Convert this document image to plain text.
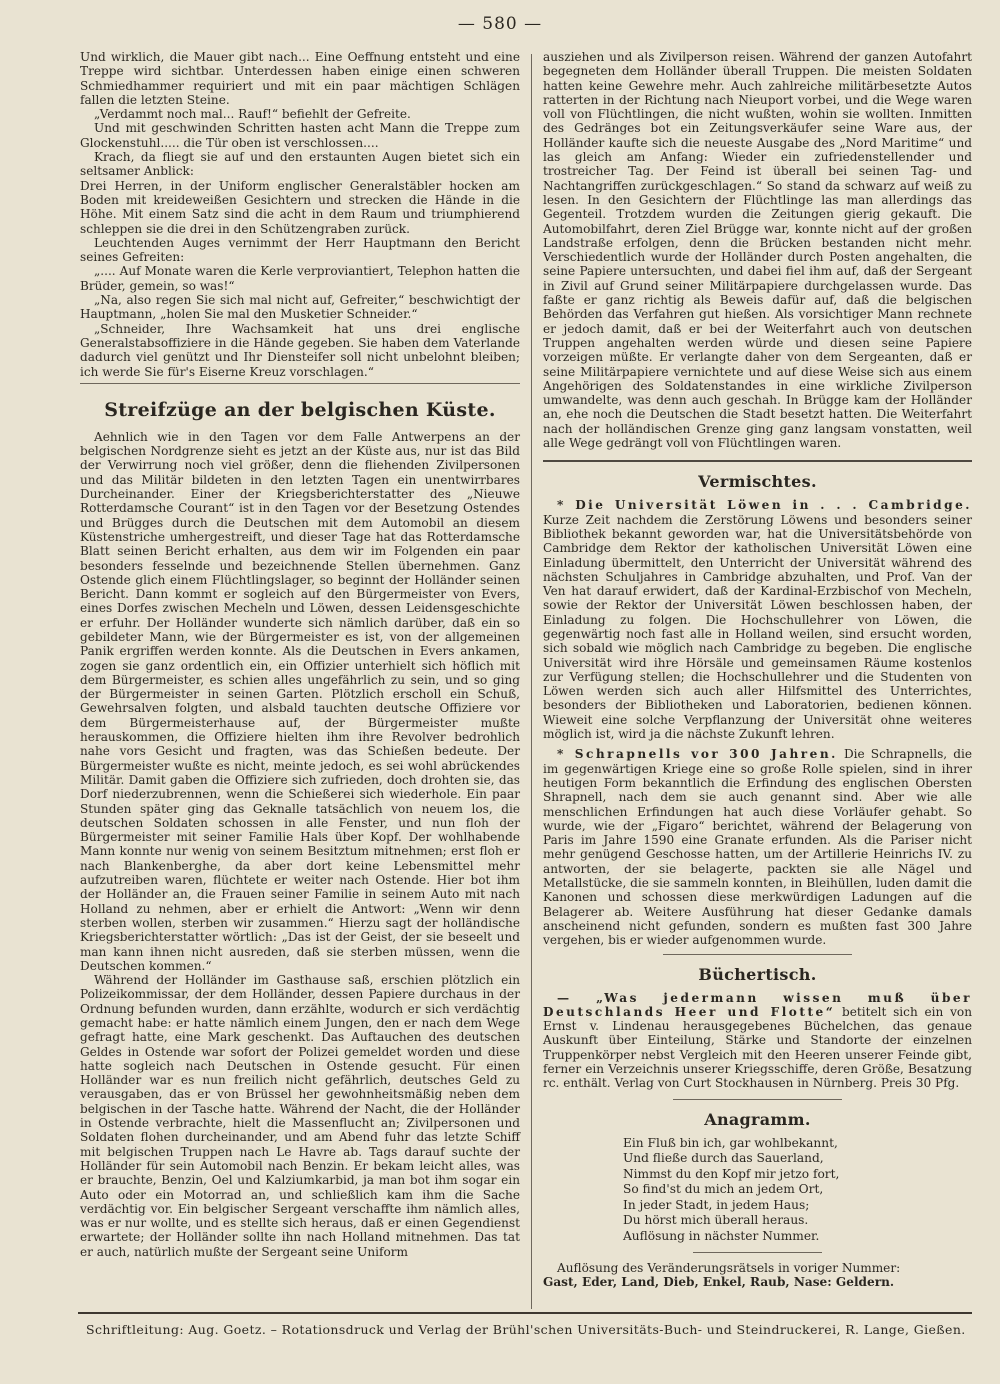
— 580 —

Und wirklich, die Mauer gibt nach... Eine Oeffnung entsteht und eine Treppe wird sichtbar. Unterdessen haben einige einen schweren Schmiedhammer requiriert und mit ein paar mächtigen Schlägen fallen die letzten Steine.

„Verdammt noch mal... Rauf!“ befiehlt der Gefreite.

Und mit geschwinden Schritten hasten acht Mann die Treppe zum Glockenstuhl..... die Tür oben ist verschlossen....

Krach, da fliegt sie auf und den erstaunten Augen bietet sich ein seltsamer Anblick:

Drei Herren, in der Uniform englischer Generalstäbler hocken am Boden mit kreideweißen Gesichtern und strecken die Hände in die Höhe. Mit einem Satz sind die acht in dem Raum und triumphierend schleppen sie die drei in den Schützengraben zurück.

Leuchtenden Auges vernimmt der Herr Hauptmann den Bericht seines Gefreiten:

„.... Auf Monate waren die Kerle verproviantiert, Telephon hatten die Brüder, gemein, so was!“

„Na, also regen Sie sich mal nicht auf, Gefreiter,“ beschwichtigt der Hauptmann, „holen Sie mal den Musketier Schneider.“

„Schneider, Ihre Wachsamkeit hat uns drei englische Generalstabsoffiziere in die Hände gegeben. Sie haben dem Vaterlande dadurch viel genützt und Ihr Diensteifer soll nicht unbelohnt bleiben; ich werde Sie für's Eiserne Kreuz vorschlagen.“

Streifzüge an der belgischen Küste.

Aehnlich wie in den Tagen vor dem Falle Antwerpens an der belgischen Nordgrenze sieht es jetzt an der Küste aus, nur ist das Bild der Verwirrung noch viel größer, denn die fliehenden Zivilpersonen und das Militär bildeten in den letzten Tagen ein unentwirrbares Durcheinander. Einer der Kriegsberichterstatter des „Nieuwe Rotterdamsche Courant“ ist in den Tagen vor der Besetzung Ostendes und Brügges durch die Deutschen mit dem Automobil an diesem Küstenstriche umhergestreift, und dieser Tage hat das Rotterdamsche Blatt seinen Bericht erhalten, aus dem wir im Folgenden ein paar besonders fesselnde und bezeichnende Stellen übernehmen. Ganz Ostende glich einem Flüchtlingslager, so beginnt der Holländer seinen Bericht. Dann kommt er sogleich auf den Bürgermeister von Evers, eines Dorfes zwischen Mecheln und Löwen, dessen Leidensgeschichte er erfuhr. Der Holländer wunderte sich nämlich darüber, daß ein so gebildeter Mann, wie der Bürgermeister es ist, von der allgemeinen Panik ergriffen werden konnte. Als die Deutschen in Evers ankamen, zogen sie ganz ordentlich ein, ein Offizier unterhielt sich höflich mit dem Bürgermeister, es schien alles ungefährlich zu sein, und so ging der Bürgermeister in seinen Garten. Plötzlich erscholl ein Schuß, Gewehrsalven folgten, und alsbald tauchten deutsche Offiziere vor dem Bürgermeisterhause auf, der Bürgermeister mußte herauskommen, die Offiziere hielten ihm ihre Revolver bedrohlich nahe vors Gesicht und fragten, was das Schießen bedeute. Der Bürgermeister wußte es nicht, meinte jedoch, es sei wohl abrückendes Militär. Damit gaben die Offiziere sich zufrieden, doch drohten sie, das Dorf niederzubrennen, wenn die Schießerei sich wiederhole. Ein paar Stunden später ging das Geknalle tatsächlich von neuem los, die deutschen Soldaten schossen in alle Fenster, und nun floh der Bürgermeister mit seiner Familie Hals über Kopf. Der wohlhabende Mann konnte nur wenig von seinem Besitztum mitnehmen; erst floh er nach Blankenberghe, da aber dort keine Lebensmittel mehr aufzutreiben waren, flüchtete er weiter nach Ostende. Hier bot ihm der Holländer an, die Frauen seiner Familie in seinem Auto mit nach Holland zu nehmen, aber er erhielt die Antwort: „Wenn wir denn sterben wollen, sterben wir zusammen.“ Hierzu sagt der holländische Kriegsberichterstatter wörtlich: „Das ist der Geist, der sie beseelt und man kann ihnen nicht ausreden, daß sie sterben müssen, wenn die Deutschen kommen.“

Während der Holländer im Gasthause saß, erschien plötzlich ein Polizeikommissar, der dem Holländer, dessen Papiere durchaus in der Ordnung befunden wurden, dann erzählte, wodurch er sich verdächtig gemacht habe: er hatte nämlich einem Jungen, den er nach dem Wege gefragt hatte, eine Mark geschenkt. Das Auftauchen des deutschen Geldes in Ostende war sofort der Polizei gemeldet worden und diese hatte sogleich nach Deutschen in Ostende gesucht. Für einen Holländer war es nun freilich nicht gefährlich, deutsches Geld zu verausgaben, das er von Brüssel her gewohnheitsmäßig neben dem belgischen in der Tasche hatte. Während der Nacht, die der Holländer in Ostende verbrachte, hielt die Massenflucht an; Zivilpersonen und Soldaten flohen durcheinander, und am Abend fuhr das letzte Schiff mit belgischen Truppen nach Le Havre ab. Tags darauf suchte der Holländer für sein Automobil nach Benzin. Er bekam leicht alles, was er brauchte, Benzin, Oel und Kalziumkarbid, ja man bot ihm sogar ein Auto oder ein Motorrad an, und schließlich kam ihm die Sache verdächtig vor. Ein belgischer Sergeant verschaffte ihm nämlich alles, was er nur wollte, und es stellte sich heraus, daß er einen Gegendienst erwartete; der Holländer sollte ihn nach Holland mitnehmen. Das tat er auch, natürlich mußte der Sergeant seine Uniform

ausziehen und als Zivilperson reisen. Während der ganzen Autofahrt begegneten dem Holländer überall Truppen. Die meisten Soldaten hatten keine Gewehre mehr. Auch zahlreiche militärbesetzte Autos ratterten in der Richtung nach Nieuport vorbei, und die Wege waren voll von Flüchtlingen, die nicht wußten, wohin sie wollten. Inmitten des Gedränges bot ein Zeitungsverkäufer seine Ware aus, der Holländer kaufte sich die neueste Ausgabe des „Nord Maritime“ und las gleich am Anfang: Wieder ein zufriedenstellender und trostreicher Tag. Der Feind ist überall bei seinen Tag- und Nachtangriffen zurückgeschlagen.“ So stand da schwarz auf weiß zu lesen. In den Gesichtern der Flüchtlinge las man allerdings das Gegenteil. Trotzdem wurden die Zeitungen gierig gekauft. Die Automobilfahrt, deren Ziel Brügge war, konnte nicht auf der großen Landstraße erfolgen, denn die Brücken bestanden nicht mehr. Verschiedentlich wurde der Holländer durch Posten angehalten, die seine Papiere untersuchten, und dabei fiel ihm auf, daß der Sergeant in Zivil auf Grund seiner Militärpapiere durchgelassen wurde. Das faßte er ganz richtig als Beweis dafür auf, daß die belgischen Behörden das Verfahren gut hießen. Als vorsichtiger Mann rechnete er jedoch damit, daß er bei der Weiterfahrt auch von deutschen Truppen angehalten werden würde und diesen seine Papiere vorzeigen müßte. Er verlangte daher von dem Sergeanten, daß er seine Militärpapiere vernichtete und auf diese Weise sich aus einem Angehörigen des Soldatenstandes in eine wirkliche Zivilperson umwandelte, was denn auch geschah. In Brügge kam der Holländer an, ehe noch die Deutschen die Stadt besetzt hatten. Die Weiterfahrt nach der holländischen Grenze ging ganz langsam vonstatten, weil alle Wege gedrängt voll von Flüchtlingen waren.

Vermischtes.

* Die Universität Löwen in . . . Cambridge. Kurze Zeit nachdem die Zerstörung Löwens und besonders seiner Bibliothek bekannt geworden war, hat die Universitätsbehörde von Cambridge dem Rektor der katholischen Universität Löwen eine Einladung übermittelt, den Unterricht der Universität während des nächsten Schuljahres in Cambridge abzuhalten, und Prof. Van der Ven hat darauf erwidert, daß der Kardinal-Erzbischof von Mecheln, sowie der Rektor der Universität Löwen beschlossen haben, der Einladung zu folgen. Die Hochschullehrer von Löwen, die gegenwärtig noch fast alle in Holland weilen, sind ersucht worden, sich sobald wie möglich nach Cambridge zu begeben. Die englische Universität wird ihre Hörsäle und gemeinsamen Räume kostenlos zur Verfügung stellen; die Hochschullehrer und die Studenten von Löwen werden sich auch aller Hilfsmittel des Unterrichtes, besonders der Bibliotheken und Laboratorien, bedienen können. Wieweit eine solche Verpflanzung der Universität ohne weiteres möglich ist, wird ja die nächste Zukunft lehren.

* Schrapnells vor 300 Jahren. Die Schrapnells, die im gegenwärtigen Kriege eine so große Rolle spielen, sind in ihrer heutigen Form bekanntlich die Erfindung des englischen Obersten Shrapnell, nach dem sie auch genannt sind. Aber wie alle menschlichen Erfindungen hat auch diese Vorläufer gehabt. So wurde, wie der „Figaro“ berichtet, während der Belagerung von Paris im Jahre 1590 eine Granate erfunden. Als die Pariser nicht mehr genügend Geschosse hatten, um der Artillerie Heinrichs IV. zu antworten, der sie belagerte, packten sie alle Nägel und Metallstücke, die sie sammeln konnten, in Bleihüllen, luden damit die Kanonen und schossen diese merkwürdigen Ladungen auf die Belagerer ab. Weitere Ausführung hat dieser Gedanke damals anscheinend nicht gefunden, sondern es mußten fast 300 Jahre vergehen, bis er wieder aufgenommen wurde.

Büchertisch.

— „Was jedermann wissen muß über Deutschlands Heer und Flotte“ betitelt sich ein von Ernst v. Lindenau herausgegebenes Büchelchen, das genaue Auskunft über Einteilung, Stärke und Standorte der einzelnen Truppenkörper nebst Vergleich mit den Heeren unserer Feinde gibt, ferner ein Verzeichnis unserer Kriegsschiffe, deren Größe, Besatzung rc. enthält. Verlag von Curt Stockhausen in Nürnberg. Preis 30 Pfg.

Anagramm.
Ein Fluß bin ich, gar wohlbekannt,
Und fließe durch das Sauerland,
Nimmst du den Kopf mir jetzo fort,
So find'st du mich an jedem Ort,
In jeder Stadt, in jedem Haus;
Du hörst mich überall heraus.
Auflösung in nächster Nummer.

Auflösung des Veränderungsrätsels in voriger Nummer:
Gast, Eder, Land, Dieb, Enkel, Raub, Nase: Geldern.

Schriftleitung: Aug. Goetz. – Rotationsdruck und Verlag der Brühl'schen Universitäts-Buch- und Steindruckerei, R. Lange, Gießen.
